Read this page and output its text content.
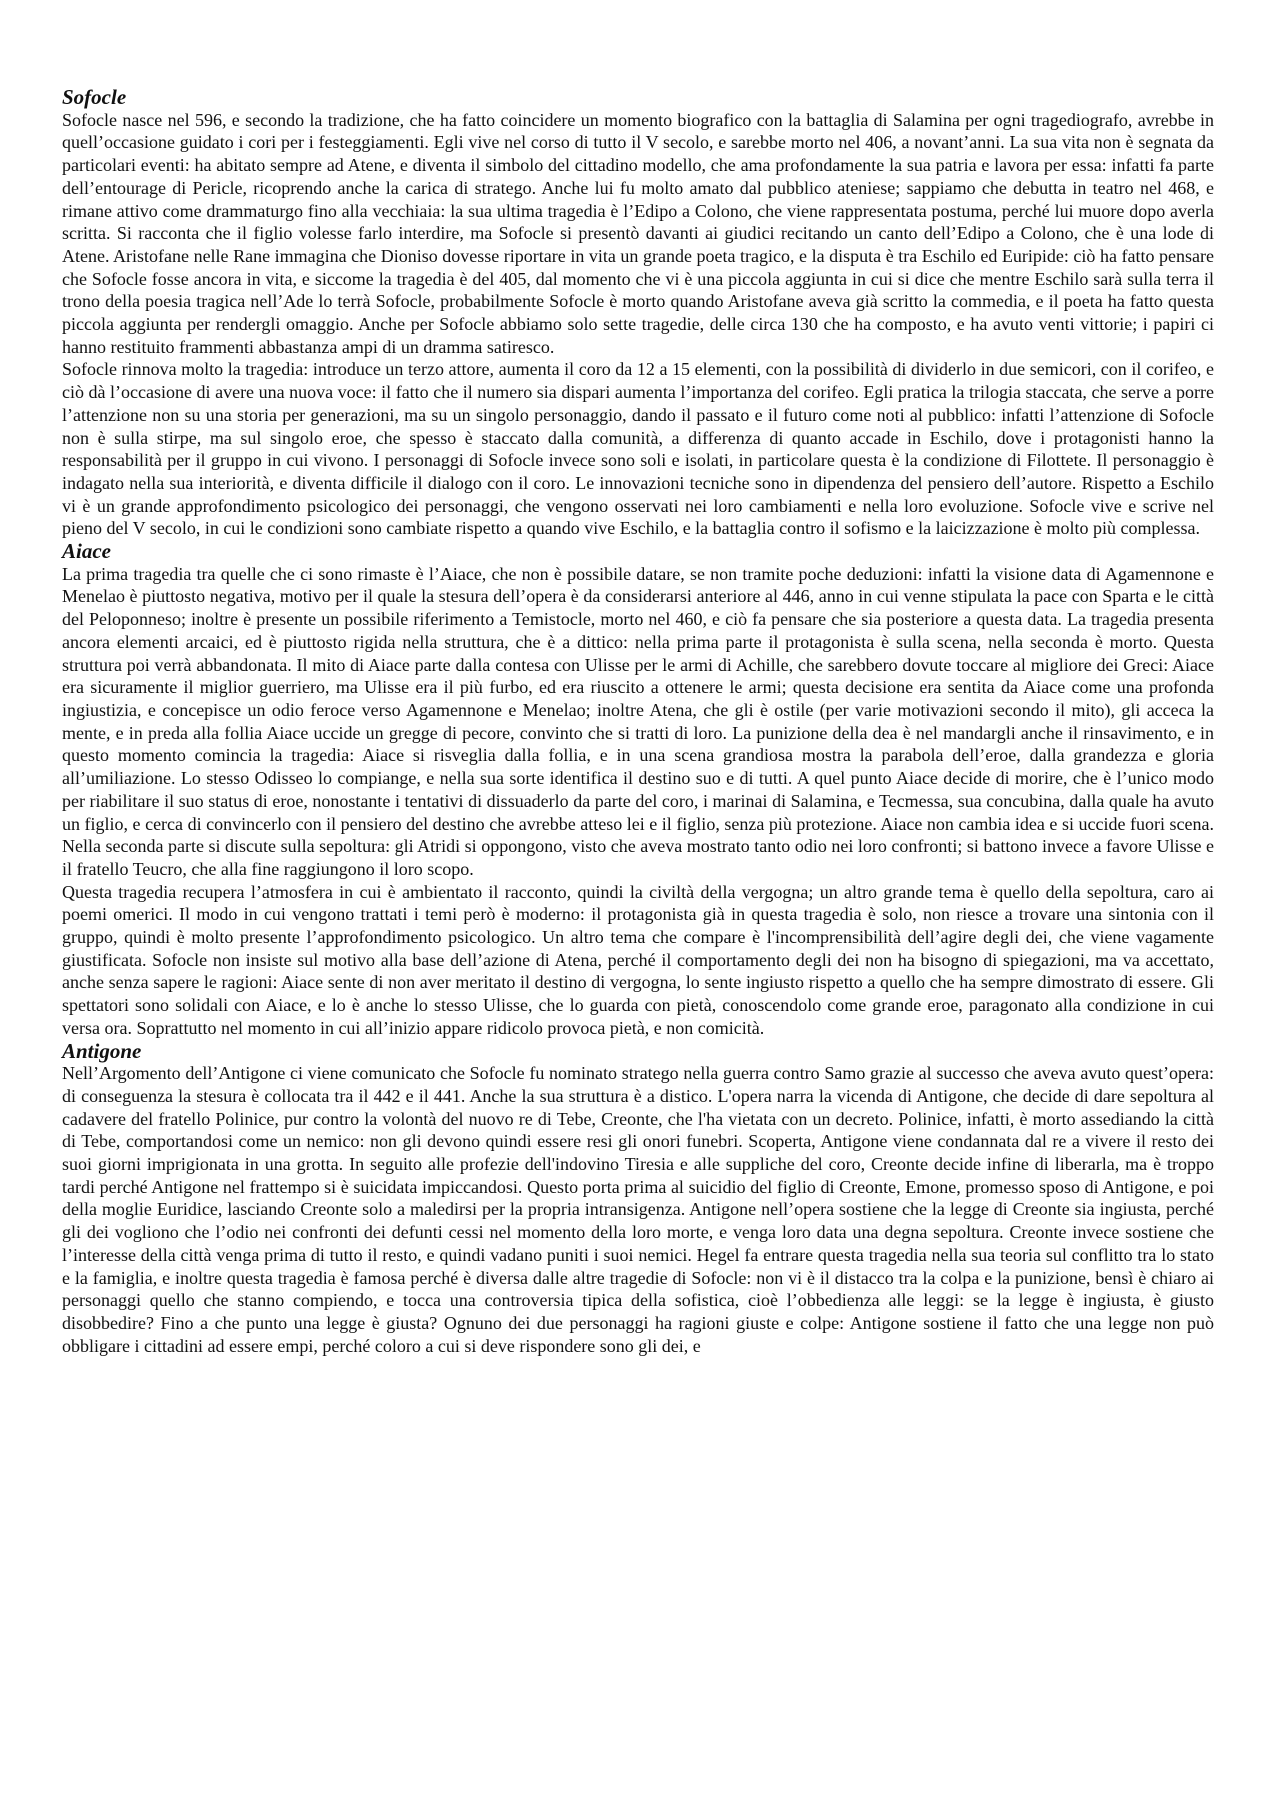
Sofocle

Sofocle nasce nel 596, e secondo la tradizione, che ha fatto coincidere un momento biografico con la battaglia di Salamina per ogni tragediografo, avrebbe in quell’occasione guidato i cori per i festeggiamenti. Egli vive nel corso di tutto il V secolo, e sarebbe morto nel 406, a novant’anni. La sua vita non è segnata da particolari eventi: ha abitato sempre ad Atene, e diventa il simbolo del cittadino modello, che ama profondamente la sua patria e lavora per essa: infatti fa parte dell’entourage di Pericle, ricoprendo anche la carica di stratego. Anche lui fu molto amato dal pubblico ateniese; sappiamo che debutta in teatro nel 468, e rimane attivo come drammaturgo fino alla vecchiaia: la sua ultima tragedia è l’Edipo a Colono, che viene rappresentata postuma, perché lui muore dopo averla scritta. Si racconta che il figlio volesse farlo interdire, ma Sofocle si presentò davanti ai giudici recitando un canto dell’Edipo a Colono, che è una lode di Atene. Aristofane nelle Rane immagina che Dioniso dovesse riportare in vita un grande poeta tragico, e la disputa è tra Eschilo ed Euripide: ciò ha fatto pensare che Sofocle fosse ancora in vita, e siccome la tragedia è del 405, dal momento che vi è una piccola aggiunta in cui si dice che mentre Eschilo sarà sulla terra il trono della poesia tragica nell’Ade lo terrà Sofocle, probabilmente Sofocle è morto quando Aristofane aveva già scritto la commedia, e il poeta ha fatto questa piccola aggiunta per rendergli omaggio. Anche per Sofocle abbiamo solo sette tragedie, delle circa 130 che ha composto, e ha avuto venti vittorie; i papiri ci hanno restituito frammenti abbastanza ampi di un dramma satiresco.

Sofocle rinnova molto la tragedia: introduce un terzo attore, aumenta il coro da 12 a 15 elementi, con la possibilità di dividerlo in due semicori, con il corifeo, e ciò dà l’occasione di avere una nuova voce: il fatto che il numero sia dispari aumenta l’importanza del corifeo. Egli pratica la trilogia staccata, che serve a porre l’attenzione non su una storia per generazioni, ma su un singolo personaggio, dando il passato e il futuro come noti al pubblico: infatti l’attenzione di Sofocle non è sulla stirpe, ma sul singolo eroe, che spesso è staccato dalla comunità, a differenza di quanto accade in Eschilo, dove i protagonisti hanno la responsabilità per il gruppo in cui vivono. I personaggi di Sofocle invece sono soli e isolati, in particolare questa è la condizione di Filottete. Il personaggio è indagato nella sua interiorità, e diventa difficile il dialogo con il coro. Le innovazioni tecniche sono in dipendenza del pensiero dell’autore. Rispetto a Eschilo vi è un grande approfondimento psicologico dei personaggi, che vengono osservati nei loro cambiamenti e nella loro evoluzione. Sofocle vive e scrive nel pieno del V secolo, in cui le condizioni sono cambiate rispetto a quando vive Eschilo, e la battaglia contro il sofismo e la laicizzazione è molto più complessa.

Aiace

La prima tragedia tra quelle che ci sono rimaste è l’Aiace, che non è possibile datare, se non tramite poche deduzioni: infatti la visione data di Agamennone e Menelao è piuttosto negativa, motivo per il quale la stesura dell’opera è da considerarsi anteriore al 446, anno in cui venne stipulata la pace con Sparta e le città del Peloponneso; inoltre è presente un possibile riferimento a Temistocle, morto nel 460, e ciò fa pensare che sia posteriore a questa data. La tragedia presenta ancora elementi arcaici, ed è piuttosto rigida nella struttura, che è a dittico: nella prima parte il protagonista è sulla scena, nella seconda è morto. Questa struttura poi verrà abbandonata. Il mito di Aiace parte dalla contesa con Ulisse per le armi di Achille, che sarebbero dovute toccare al migliore dei Greci: Aiace era sicuramente il miglior guerriero, ma Ulisse era il più furbo, ed era riuscito a ottenere le armi; questa decisione era sentita da Aiace come una profonda ingiustizia, e concepisce un odio feroce verso Agamennone e Menelao; inoltre Atena, che gli è ostile (per varie motivazioni secondo il mito), gli acceca la mente, e in preda alla follia Aiace uccide un gregge di pecore, convinto che si tratti di loro. La punizione della dea è nel mandargli anche il rinsavimento, e in questo momento comincia la tragedia: Aiace si risveglia dalla follia, e in una scena grandiosa mostra la parabola dell’eroe, dalla grandezza e gloria all’umiliazione. Lo stesso Odisseo lo compiange, e nella sua sorte identifica il destino suo e di tutti. A quel punto Aiace decide di morire, che è l’unico modo per riabilitare il suo status di eroe, nonostante i tentativi di dissuaderlo da parte del coro, i marinai di Salamina, e Tecmessa, sua concubina, dalla quale ha avuto un figlio, e cerca di convincerlo con il pensiero del destino che avrebbe atteso lei e il figlio, senza più protezione. Aiace non cambia idea e si uccide fuori scena. Nella seconda parte si discute sulla sepoltura: gli Atridi si oppongono, visto che aveva mostrato tanto odio nei loro confronti; si battono invece a favore Ulisse e il fratello Teucro, che alla fine raggiungono il loro scopo.

Questa tragedia recupera l’atmosfera in cui è ambientato il racconto, quindi la civiltà della vergogna; un altro grande tema è quello della sepoltura, caro ai poemi omerici. Il modo in cui vengono trattati i temi però è moderno: il protagonista già in questa tragedia è solo, non riesce a trovare una sintonia con il gruppo, quindi è molto presente l’approfondimento psicologico. Un altro tema che compare è l'incomprensibilità dell’agire degli dei, che viene vagamente giustificata. Sofocle non insiste sul motivo alla base dell’azione di Atena, perché il comportamento degli dei non ha bisogno di spiegazioni, ma va accettato, anche senza sapere le ragioni: Aiace sente di non aver meritato il destino di vergogna, lo sente ingiusto rispetto a quello che ha sempre dimostrato di essere. Gli spettatori sono solidali con Aiace, e lo è anche lo stesso Ulisse, che lo guarda con pietà, conoscendolo come grande eroe, paragonato alla condizione in cui versa ora. Soprattutto nel momento in cui all’inizio appare ridicolo provoca pietà, e non comicità.

Antigone

Nell’Argomento dell’Antigone ci viene comunicato che Sofocle fu nominato stratego nella guerra contro Samo grazie al successo che aveva avuto quest’opera: di conseguenza la stesura è collocata tra il 442 e il 441. Anche la sua struttura è a distico. L'opera narra la vicenda di Antigone, che decide di dare sepoltura al cadavere del fratello Polinice, pur contro la volontà del nuovo re di Tebe, Creonte, che l'ha vietata con un decreto. Polinice, infatti, è morto assediando la città di Tebe, comportandosi come un nemico: non gli devono quindi essere resi gli onori funebri. Scoperta, Antigone viene condannata dal re a vivere il resto dei suoi giorni imprigionata in una grotta. In seguito alle profezie dell'indovino Tiresia e alle suppliche del coro, Creonte decide infine di liberarla, ma è troppo tardi perché Antigone nel frattempo si è suicidata impiccandosi. Questo porta prima al suicidio del figlio di Creonte, Emone, promesso sposo di Antigone, e poi della moglie Euridice, lasciando Creonte solo a maledirsi per la propria intransigenza. Antigone nell’opera sostiene che la legge di Creonte sia ingiusta, perché gli dei vogliono che l’odio nei confronti dei defunti cessi nel momento della loro morte, e venga loro data una degna sepoltura. Creonte invece sostiene che l’interesse della città venga prima di tutto il resto, e quindi vadano puniti i suoi nemici. Hegel fa entrare questa tragedia nella sua teoria sul conflitto tra lo stato e la famiglia, e inoltre questa tragedia è famosa perché è diversa dalle altre tragedie di Sofocle: non vi è il distacco tra la colpa e la punizione, bensì è chiaro ai personaggi quello che stanno compiendo, e tocca una controversia tipica della sofistica, cioè l’obbedienza alle leggi: se la legge è ingiusta, è giusto disobbedire? Fino a che punto una legge è giusta? Ognuno dei due personaggi ha ragioni giuste e colpe: Antigone sostiene il fatto che una legge non può obbligare i cittadini ad essere empi, perché coloro a cui si deve rispondere sono gli dei, e
